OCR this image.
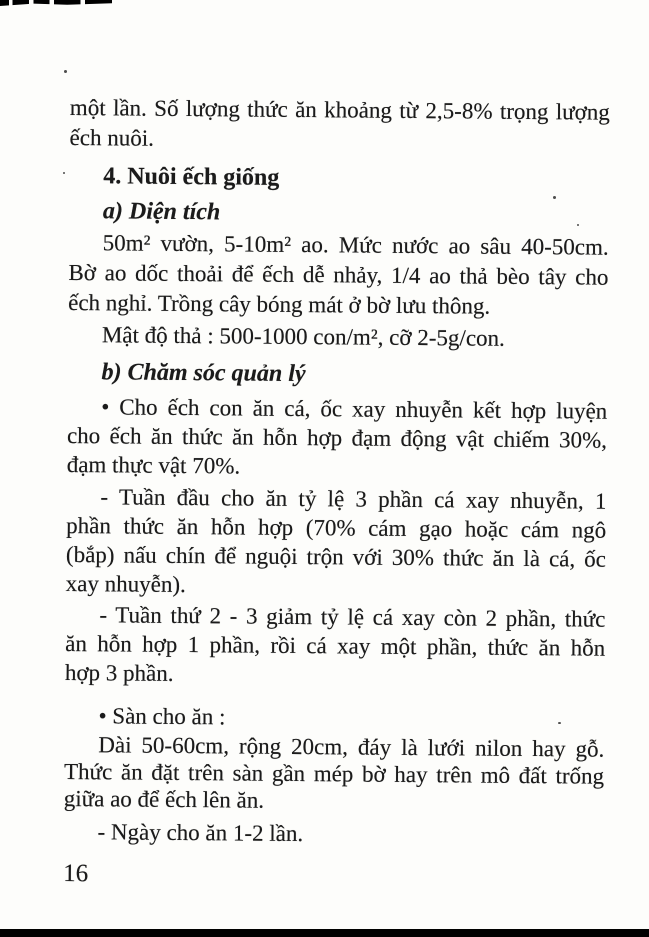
một lần. Số lượng thức ăn khoảng từ 2,5-8% trọng lượng

ếch nuôi.

4. Nuôi ếch giống
a) Diện tích

50m² vườn, 5-10m² ao. Mức nước ao sâu 40-50cm.

Bờ ao dốc thoải để ếch dễ nhảy, 1/4 ao thả bèo tây cho

ếch nghỉ. Trồng cây bóng mát ở bờ lưu thông.

Mật độ thả : 500-1000 con/m², cỡ 2-5g/con.

b) Chăm sóc quản lý

• Cho ếch con ăn cá, ốc xay nhuyễn kết hợp luyện

cho ếch ăn thức ăn hỗn hợp đạm động vật chiếm 30%,

đạm thực vật 70%.

- Tuần đầu cho ăn tỷ lệ 3 phần cá xay nhuyễn, 1

phần thức ăn hỗn hợp (70% cám gạo hoặc cám ngô

(bắp) nấu chín để nguội trộn với 30% thức ăn là cá, ốc

xay nhuyễn).

- Tuần thứ 2 - 3 giảm tỷ lệ cá xay còn 2 phần, thức

ăn hỗn hợp 1 phần, rồi cá xay một phần, thức ăn hỗn

hợp 3 phần.

• Sàn cho ăn :

Dài 50-60cm, rộng 20cm, đáy là lưới nilon hay gỗ.

Thức ăn đặt trên sàn gần mép bờ hay trên mô đất trống

giữa ao để ếch lên ăn.

- Ngày cho ăn 1-2 lần.

16
